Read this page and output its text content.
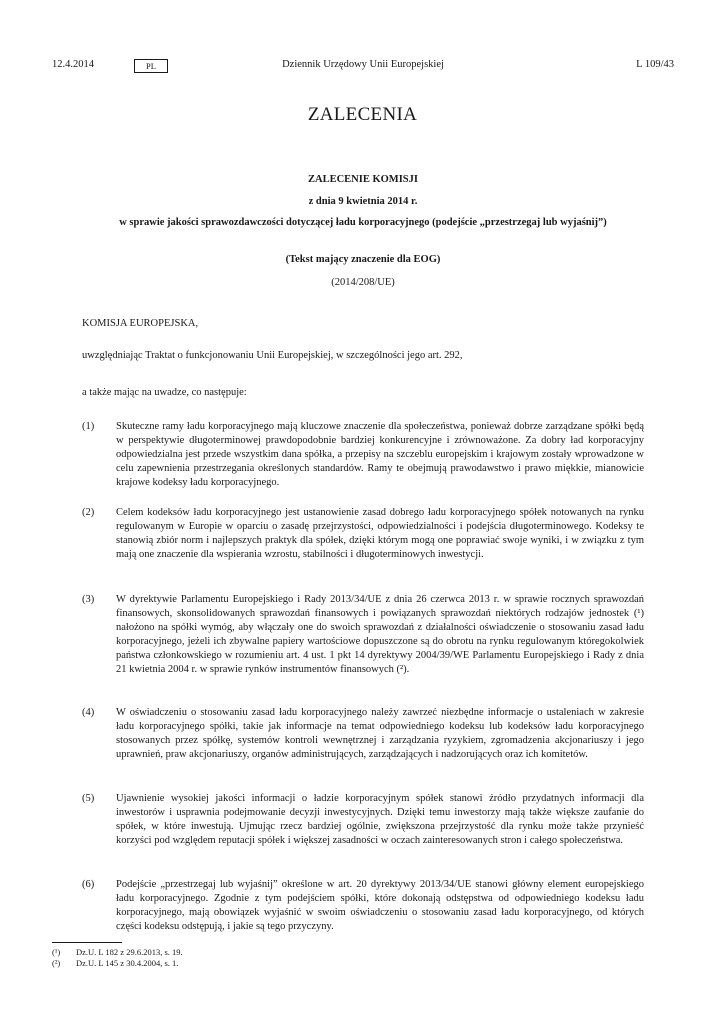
12.4.2014	PL	Dziennik Urzędowy Unii Europejskiej	L 109/43
ZALECENIA
ZALECENIE KOMISJI
z dnia 9 kwietnia 2014 r.
w sprawie jakości sprawozdawczości dotyczącej ładu korporacyjnego (podejście „przestrzegaj lub wyjaśnij”)
(Tekst mający znaczenie dla EOG)
(2014/208/UE)
KOMISJA EUROPEJSKA,
uwzględniając Traktat o funkcjonowaniu Unii Europejskiej, w szczególności jego art. 292,
a także mając na uwadze, co następuje:
(1)	Skuteczne ramy ładu korporacyjnego mają kluczowe znaczenie dla społeczeństwa, ponieważ dobrze zarządzane spółki będą w perspektywie długoterminowej prawdopodobnie bardziej konkurencyjne i zrównoważone. Za dobry ład korporacyjny odpowiedzialna jest przede wszystkim dana spółka, a przepisy na szczeblu europejskim i krajowym zostały wprowadzone w celu zapewnienia przestrzegania określonych standardów. Ramy te obejmują prawodawstwo i prawo miękkie, mianowicie krajowe kodeksy ładu korporacyjnego.
(2)	Celem kodeksów ładu korporacyjnego jest ustanowienie zasad dobrego ładu korporacyjnego spółek notowanych na rynku regulowanym w Europie w oparciu o zasadę przejrzystości, odpowiedzialności i podejścia długoterminowego. Kodeksy te stanowią zbiór norm i najlepszych praktyk dla spółek, dzięki którym mogą one poprawiać swoje wyniki, i w związku z tym mają one znaczenie dla wspierania wzrostu, stabilności i długoterminowych inwestycji.
(3)	W dyrektywie Parlamentu Europejskiego i Rady 2013/34/UE z dnia 26 czerwca 2013 r. w sprawie rocznych sprawozdań finansowych, skonsolidowanych sprawozdań finansowych i powiązanych sprawozdań niektórych rodzajów jednostek (¹) nałożono na spółki wymóg, aby włączały one do swoich sprawozdań z działalności oświadczenie o stosowaniu zasad ładu korporacyjnego, jeżeli ich zbywalne papiery wartościowe dopuszczone są do obrotu na rynku regulowanym któregokolwiek państwa członkowskiego w rozumieniu art. 4 ust. 1 pkt 14 dyrektywy 2004/39/WE Parlamentu Europejskiego i Rady z dnia 21 kwietnia 2004 r. w sprawie rynków instrumentów finansowych (²).
(4)	W oświadczeniu o stosowaniu zasad ładu korporacyjnego należy zawrzeć niezbędne informacje o ustaleniach w zakresie ładu korporacyjnego spółki, takie jak informacje na temat odpowiedniego kodeksu lub kodeksów ładu korporacyjnego stosowanych przez spółkę, systemów kontroli wewnętrznej i zarządzania ryzykiem, zgromadzenia akcjonariuszy i jego uprawnień, praw akcjonariuszy, organów administrujących, zarządzających i nadzorujących oraz ich komitetów.
(5)	Ujawnienie wysokiej jakości informacji o ładzie korporacyjnym spółek stanowi źródło przydatnych informacji dla inwestorów i usprawnia podejmowanie decyzji inwestycyjnych. Dzięki temu inwestorzy mają także większe zaufanie do spółek, w które inwestują. Ujmując rzecz bardziej ogólnie, zwiększona przejrzystość dla rynku może także przynieść korzyści pod względem reputacji spółek i większej zasadności w oczach zainteresowanych stron i całego społeczeństwa.
(6)	Podejście „przestrzegaj lub wyjaśnij” określone w art. 20 dyrektywy 2013/34/UE stanowi główny element europejskiego ładu korporacyjnego. Zgodnie z tym podejściem spółki, które dokonają odstępstwa od odpowiedniego kodeksu ładu korporacyjnego, mają obowiązek wyjaśnić w swoim oświadczeniu o stosowaniu zasad ładu korporacyjnego, od których części kodeksu odstępują, i jakie są tego przyczyny.
(¹) Dz.U. L 182 z 29.6.2013, s. 19.
(²) Dz.U. L 145 z 30.4.2004, s. 1.
